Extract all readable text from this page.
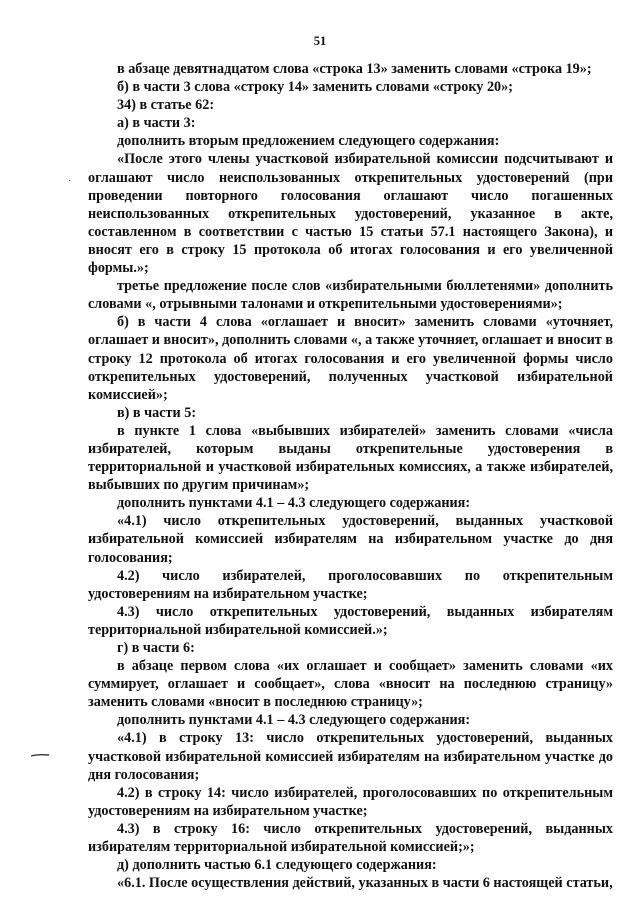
51

в абзаце девятнадцатом слова «строка 13» заменить словами «строка 19»;

б) в части 3 слова «строку 14» заменить словами «строку 20»;

34) в статье 62:

а) в части 3:

дополнить вторым предложением следующего содержания:

«После этого члены участковой избирательной комиссии подсчитывают и оглашают число неиспользованных открепительных удостоверений (при проведении повторного голосования оглашают число погашенных неиспользованных открепительных удостоверений, указанное в акте, составленном в соответствии с частью 15 статьи 57.1 настоящего Закона), и вносят его в строку 15 протокола об итогах голосования и его увеличенной формы.»;

третье предложение после слов «избирательными бюллетенями» дополнить словами «, отрывными талонами и открепительными удостоверениями»;

б) в части 4 слова «оглашает и вносит» заменить словами «уточняет, оглашает и вносит», дополнить словами «, а также уточняет, оглашает и вносит в строку 12 протокола об итогах голосования и его увеличенной формы число открепительных удостоверений, полученных участковой избирательной комиссией»;

в) в части 5:

в пункте 1 слова «выбывших избирателей» заменить словами «числа избирателей, которым выданы открепительные удостоверения в территориальной и участковой избирательных комиссиях, а также избирателей, выбывших по другим причинам»;

дополнить пунктами 4.1 – 4.3 следующего содержания:

«4.1) число открепительных удостоверений, выданных участковой избирательной комиссией избирателям на избирательном участке до дня голосования;

4.2) число избирателей, проголосовавших по открепительным удостоверениям на избирательном участке;

4.3) число открепительных удостоверений, выданных избирателям территориальной избирательной комиссией.»;

г) в части 6:

в абзаце первом слова «их оглашает и сообщает» заменить словами «их суммирует, оглашает и сообщает», слова «вносит на последнюю страницу» заменить словами «вносит в последнюю страницу»;

дополнить пунктами 4.1 – 4.3 следующего содержания:

«4.1) в строку 13: число открепительных удостоверений, выданных участковой избирательной комиссией избирателям на избирательном участке до дня голосования;

4.2) в строку 14: число избирателей, проголосовавших по открепительным удостоверениям на избирательном участке;

4.3) в строку 16: число открепительных удостоверений, выданных избирателям территориальной избирательной комиссией;»;

д) дополнить частью 6.1 следующего содержания:

«6.1. После осуществления действий, указанных в части 6 настоящей статьи,

·
